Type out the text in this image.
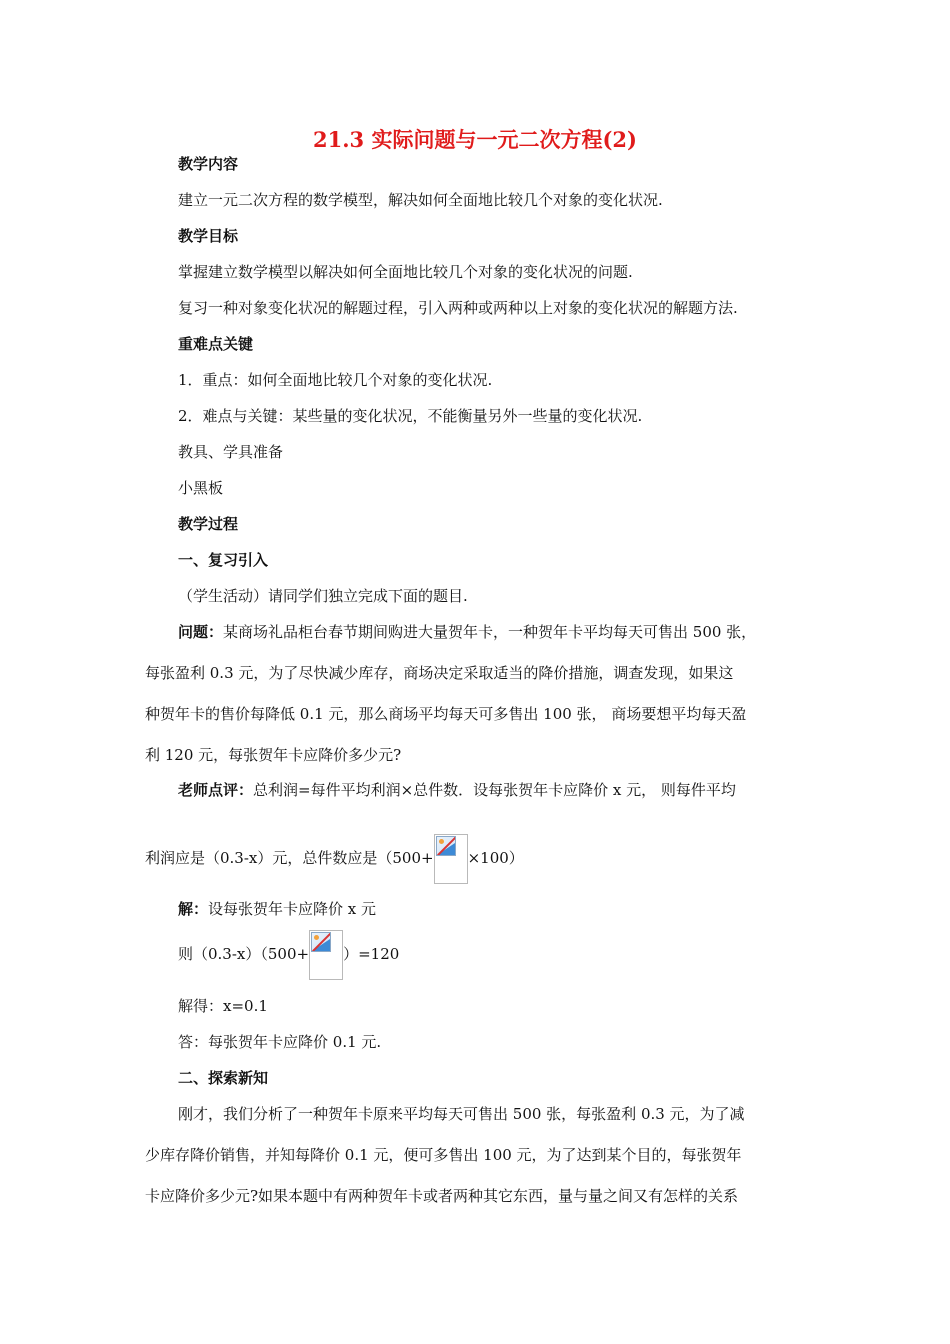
21.3 实际问题与一元二次方程(2)
教学内容
建立一元二次方程的数学模型，解决如何全面地比较几个对象的变化状况.
教学目标
掌握建立数学模型以解决如何全面地比较几个对象的变化状况的问题.
复习一种对象变化状况的解题过程，引入两种或两种以上对象的变化状况的解题方法.
重难点关键
1．重点：如何全面地比较几个对象的变化状况.
2．难点与关键：某些量的变化状况，不能衡量另外一些量的变化状况.
教具、学具准备
小黑板
教学过程
一、复习引入
（学生活动）请同学们独立完成下面的题目.
问题：某商场礼品柜台春节期间购进大量贺年卡，一种贺年卡平均每天可售出 500 张，
每张盈利 0.3 元，为了尽快减少库存，商场决定采取适当的降价措施，调查发现，如果这
种贺年卡的售价每降低 0.1 元，那么商场平均每天可多售出 100 张， 商场要想平均每天盈
利 120 元，每张贺年卡应降价多少元?
老师点评：总利润=每件平均利润×总件数．设每张贺年卡应降价 x 元， 则每件平均
利润应是（0.3-x）元，总件数应是（500+ ×100）
解：设每张贺年卡应降价 x 元
则（0.3-x）（500+ ）=120
解得：x=0.1
答：每张贺年卡应降价 0.1 元.
二、探索新知
刚才，我们分析了一种贺年卡原来平均每天可售出 500 张，每张盈利 0.3 元，为了减
少库存降价销售，并知每降价 0.1 元，便可多售出 100 元，为了达到某个目的，每张贺年
卡应降价多少元?如果本题中有两种贺年卡或者两种其它东西，量与量之间又有怎样的关系
